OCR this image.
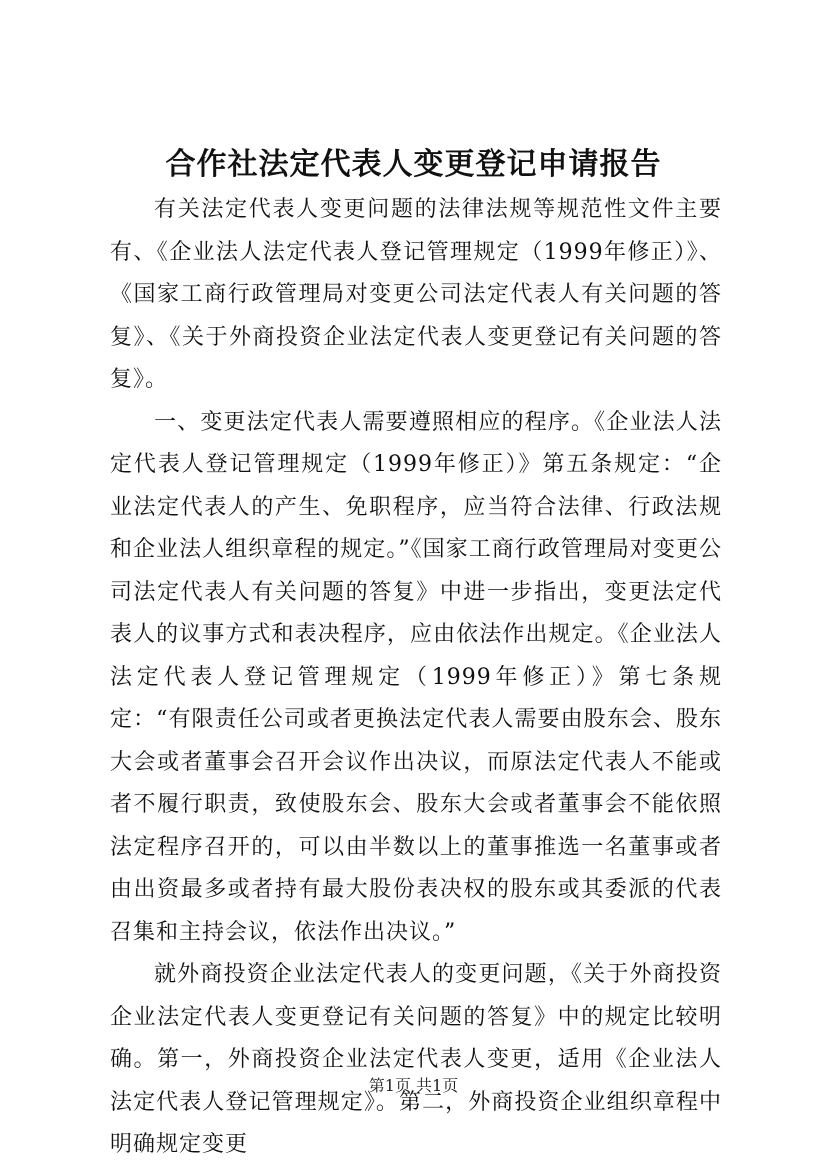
合作社法定代表人变更登记申请报告

有关法定代表人变更问题的法律法规等规范性文件主要有、《企业法人法定代表人登记管理规定（1999年修正）》、《国家工商行政管理局对变更公司法定代表人有关问题的答复》、《关于外商投资企业法定代表人变更登记有关问题的答复》。

一、变更法定代表人需要遵照相应的程序。《企业法人法定代表人登记管理规定（1999年修正）》第五条规定：“企业法定代表人的产生、免职程序，应当符合法律、行政法规和企业法人组织章程的规定。”《国家工商行政管理局对变更公司法定代表人有关问题的答复》中进一步指出，变更法定代表人的议事方式和表决程序，应由依法作出规定。《企业法人法定代表人登记管理规定（1999年修正）》第七条规定：“有限责任公司或者更换法定代表人需要由股东会、股东大会或者董事会召开会议作出决议，而原法定代表人不能或者不履行职责，致使股东会、股东大会或者董事会不能依照法定程序召开的，可以由半数以上的董事推选一名董事或者由出资最多或者持有最大股份表决权的股东或其委派的代表召集和主持会议，依法作出决议。”

就外商投资企业法定代表人的变更问题，《关于外商投资企业法定代表人变更登记有关问题的答复》中的规定比较明确。第一，外商投资企业法定代表人变更，适用《企业法人法定代表人登记管理规定》。第二，外商投资企业组织章程中明确规定变更

第1页 共1页
